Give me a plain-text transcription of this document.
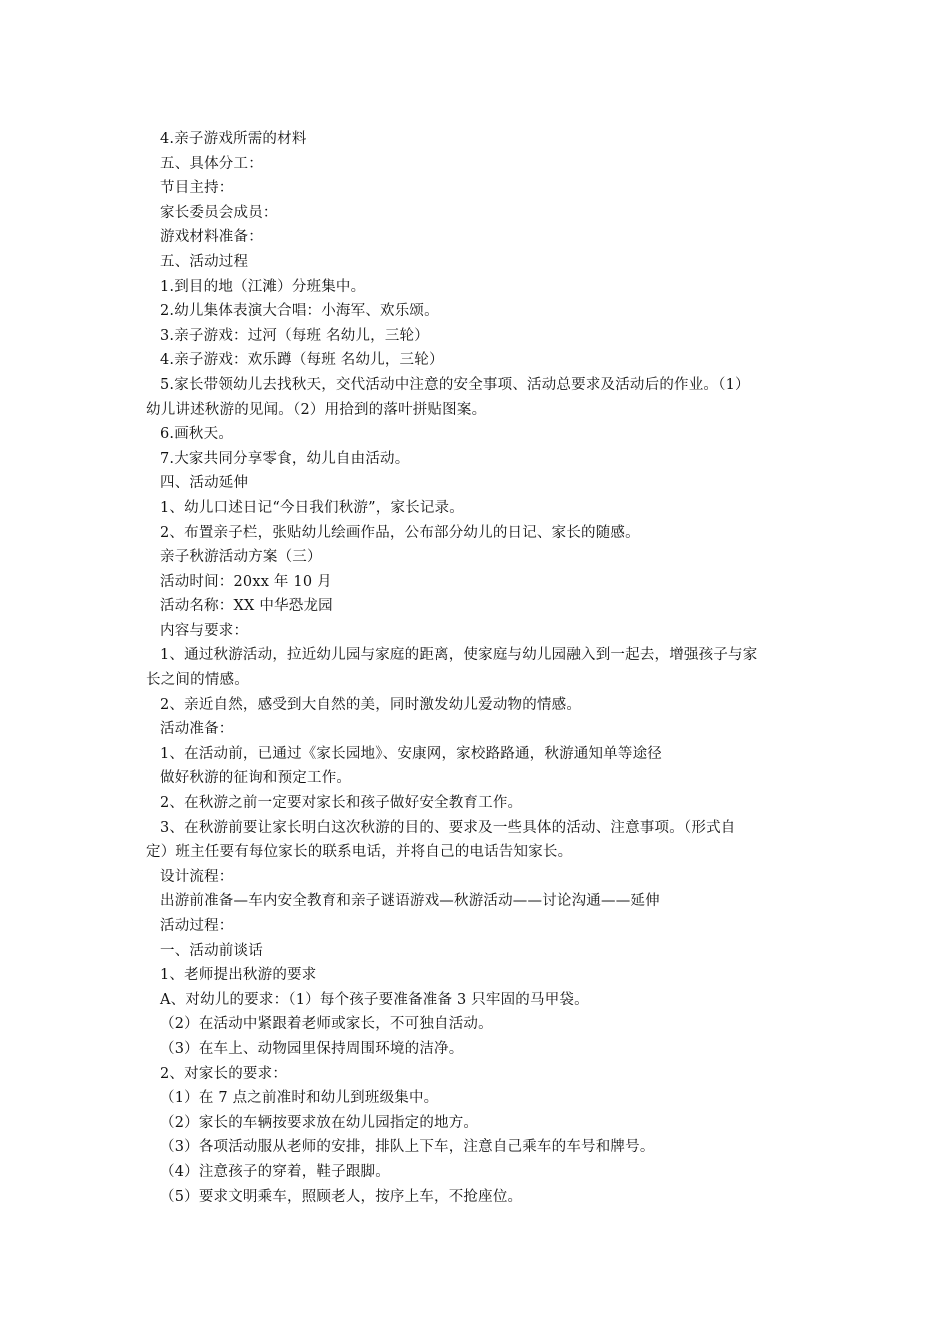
4.亲子游戏所需的材料
五、具体分工：
节目主持：
家长委员会成员：
游戏材料准备：
五、活动过程
1.到目的地（江滩）分班集中。
2.幼儿集体表演大合唱：小海军、欢乐颂。
3.亲子游戏：过河（每班 名幼儿，三轮）
4.亲子游戏：欢乐蹲（每班 名幼儿，三轮）
5.家长带领幼儿去找秋天，交代活动中注意的安全事项、活动总要求及活动后的作业。（1）
幼儿讲述秋游的见闻。（2）用拾到的落叶拼贴图案。
6.画秋天。
7.大家共同分享零食，幼儿自由活动。
四、活动延伸
1、幼儿口述日记“今日我们秋游”，家长记录。
2、布置亲子栏，张贴幼儿绘画作品，公布部分幼儿的日记、家长的随感。
亲子秋游活动方案（三）
活动时间：20xx 年 10 月
活动名称：XX 中华恐龙园
内容与要求：
1、通过秋游活动，拉近幼儿园与家庭的距离，使家庭与幼儿园融入到一起去，增强孩子与家
长之间的情感。
2、亲近自然，感受到大自然的美，同时激发幼儿爱动物的情感。
活动准备：
1、在活动前，已通过《家长园地》、安康网，家校路路通，秋游通知单等途径
做好秋游的征询和预定工作。
2、在秋游之前一定要对家长和孩子做好安全教育工作。
3、在秋游前要让家长明白这次秋游的目的、要求及一些具体的活动、注意事项。（形式自
定）班主任要有每位家长的联系电话，并将自己的电话告知家长。
设计流程：
出游前准备—车内安全教育和亲子谜语游戏—秋游活动——讨论沟通——延伸
活动过程：
一、活动前谈话
1、老师提出秋游的要求
A、对幼儿的要求：（1）每个孩子要准备准备 3 只牢固的马甲袋。
（2）在活动中紧跟着老师或家长，不可独自活动。
（3）在车上、动物园里保持周围环境的洁净。
2、对家长的要求：
（1）在 7 点之前准时和幼儿到班级集中。
（2）家长的车辆按要求放在幼儿园指定的地方。
（3）各项活动服从老师的安排，排队上下车，注意自己乘车的车号和牌号。
（4）注意孩子的穿着，鞋子跟脚。
（5）要求文明乘车，照顾老人，按序上车，不抢座位。
